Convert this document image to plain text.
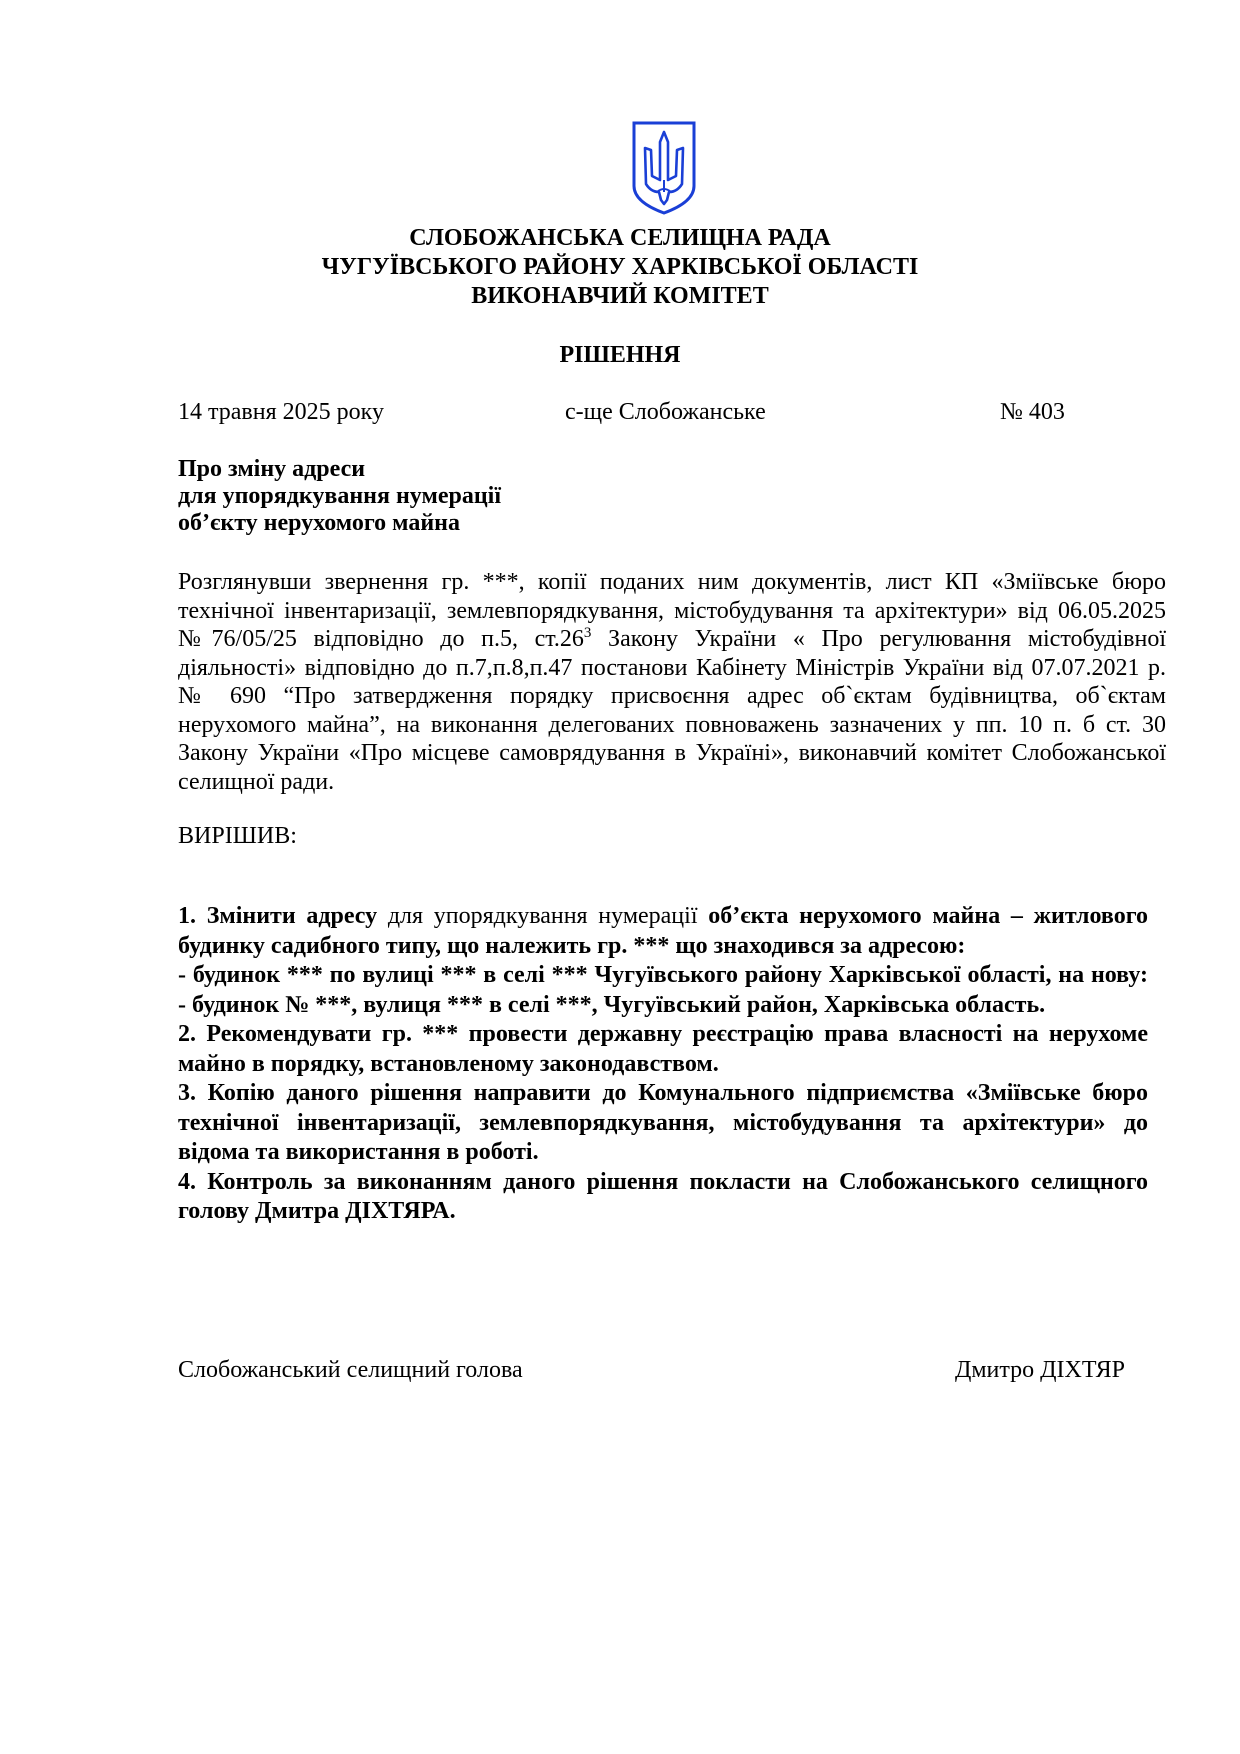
СЛОБОЖАНСЬКА СЕЛИЩНА РАДА
ЧУГУЇВСЬКОГО РАЙОНУ ХАРКІВСЬКОЇ ОБЛАСТІ
ВИКОНАВЧИЙ КОМІТЕТ
РІШЕННЯ
14 травня 2025 року	с-ще Слобожанське	№ 403
Про зміну адреси
для упорядкування нумерації
об’єкту нерухомого майна
Розглянувши звернення гр. ***, копії поданих ним документів, лист КП «Зміївське бюро технічної інвентаризації, землевпорядкування, містобудування та архітектури» від 06.05.2025 №76/05/25 відповідно до п.5, $ст.26^3$ Закону України « Про регулювання містобудівної діяльності» відповідно до п.7,п.8,п.47 постанови Кабінету Міністрів України від 07.07.2021 р. № 690 “Про затвердження порядку присвоєння адрес об`єктам будівництва, об`єктам нерухомого майна”, на виконання делегованих повноважень зазначених у пп. 10 п. б ст. 30 Закону України «Про місцеве самоврядування в Україні», виконавчий комітет Слобожанської селищної ради.
ВИРІШИВ:

1. Змінити адресу для упорядкування нумерації об’єкта нерухомого майна – житлового будинку садибного типу, що належить гр. *** що знаходився за адресою:

- будинок *** по вулиці *** в селі *** Чугуївського району Харківської області, на нову: - будинок № ***, вулиця *** в селі ***, Чугуївський район, Харківська область.

2. Рекомендувати гр. *** провести державну реєстрацію права власності на нерухоме майно в порядку, встановленому законодавством.

3. Копію даного рішення направити до Комунального підприємства «Зміївське бюро технічної інвентаризації, землевпорядкування, містобудування та архітектури» до відома та використання в роботі.

4. Контроль за виконанням даного рішення покласти на Слобожанського селищного голову Дмитра ДІХТЯРА.

Слобожанський селищний голова	Дмитро ДІХТЯР
